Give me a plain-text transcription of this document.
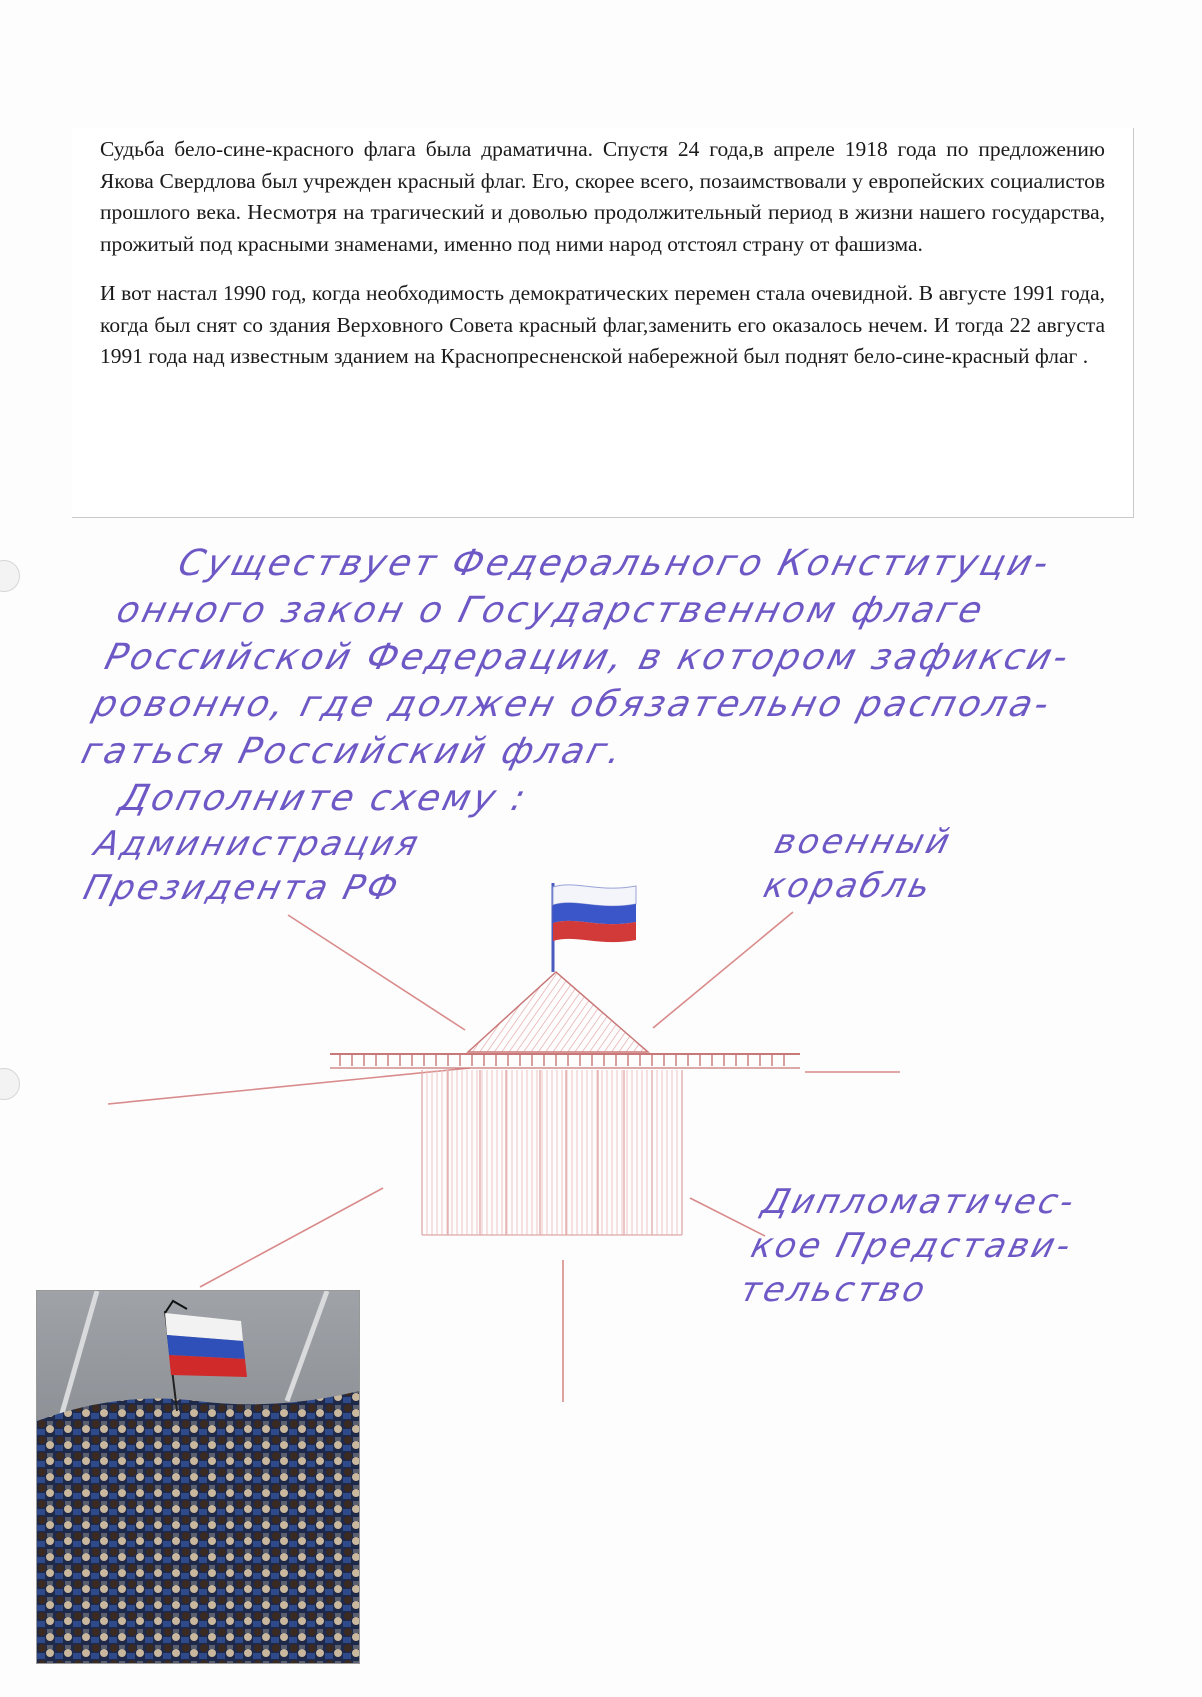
Судьба бело-сине-красного флага была драматична. Спустя 24 года,в апреле 1918 года по предложению Якова Свердлова был учрежден красный флаг. Его, скорее всего, позаимствовали у европейских социалистов прошлого века. Несмотря на трагический и доволью продолжительный период в жизни нашего государства, прожитый под красными знаменами, именно под ними народ отстоял страну от фашизма.

И вот настал 1990 год, когда необходимость демократических перемен стала очевидной. В августе 1991 года, когда был снят со здания Верховного Совета красный флаг,заменить его оказалось нечем. И тогда 22 августа 1991 года над известным зданием на Краснопресненской набережной был поднят бело-сине-красный флаг .

Существует Федерального Конституци-
онного закон о Государственном флаге
Российской Федерации, в котором зафикси-
ровонно, где должен обязательно распола-
гаться Российский флаг.
Дополните схему :
Администрация
Президента РФ
военный
корабль
Дипломатичес-
кое Представи-
тельство
